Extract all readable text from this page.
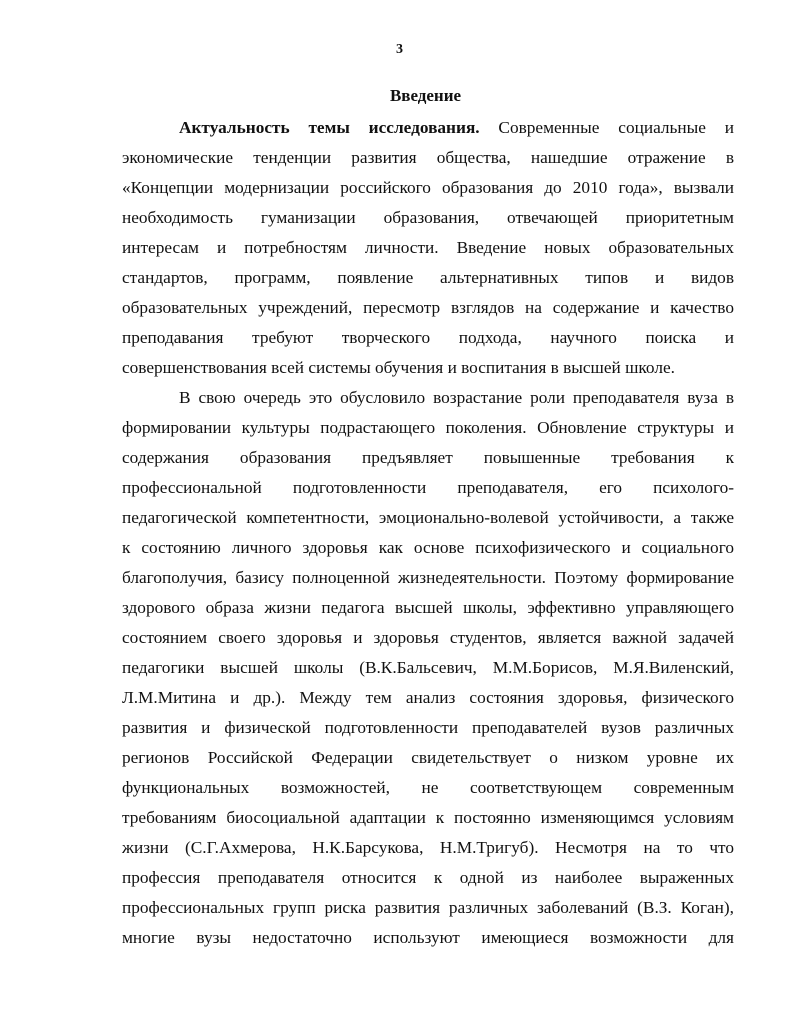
3
Введение
Актуальность темы исследования. Современные социальные и
экономические тенденции развития общества, нашедшие отражение в
«Концепции модернизации российского образования до 2010 года», вызвали
необходимость гуманизации образования, отвечающей приоритетным
интересам и потребностям личности. Введение новых образовательных
стандартов, программ, появление альтернативных типов и видов
образовательных учреждений, пересмотр взглядов на содержание и качество
преподавания требуют творческого подхода, научного поиска и
совершенствования всей системы обучения и воспитания в высшей школе.
В свою очередь это обусловило возрастание роли преподавателя вуза в
формировании культуры подрастающего поколения. Обновление структуры и
содержания образования предъявляет повышенные требования к
профессиональной подготовленности преподавателя, его психолого-
педагогической компетентности, эмоционально-волевой устойчивости, а также
к состоянию личного здоровья как основе психофизического и социального
благополучия, базису полноценной жизнедеятельности. Поэтому формирование
здорового образа жизни педагога высшей школы, эффективно управляющего
состоянием своего здоровья и здоровья студентов, является важной задачей
педагогики высшей школы (В.К.Бальсевич, М.М.Борисов, М.Я.Виленский,
Л.М.Митина и др.). Между тем анализ состояния здоровья, физического
развития и физической подготовленности преподавателей вузов различных
регионов Российской Федерации свидетельствует о низком уровне их
функциональных возможностей, не соответствующем современным
требованиям биосоциальной адаптации к постоянно изменяющимся условиям
жизни (С.Г.Ахмерова, Н.К.Барсукова, Н.М.Тригуб). Несмотря на то что
профессия преподавателя относится к одной из наиболее выраженных
профессиональных групп риска развития различных заболеваний (В.З. Коган),
многие вузы недостаточно используют имеющиеся возможности для
